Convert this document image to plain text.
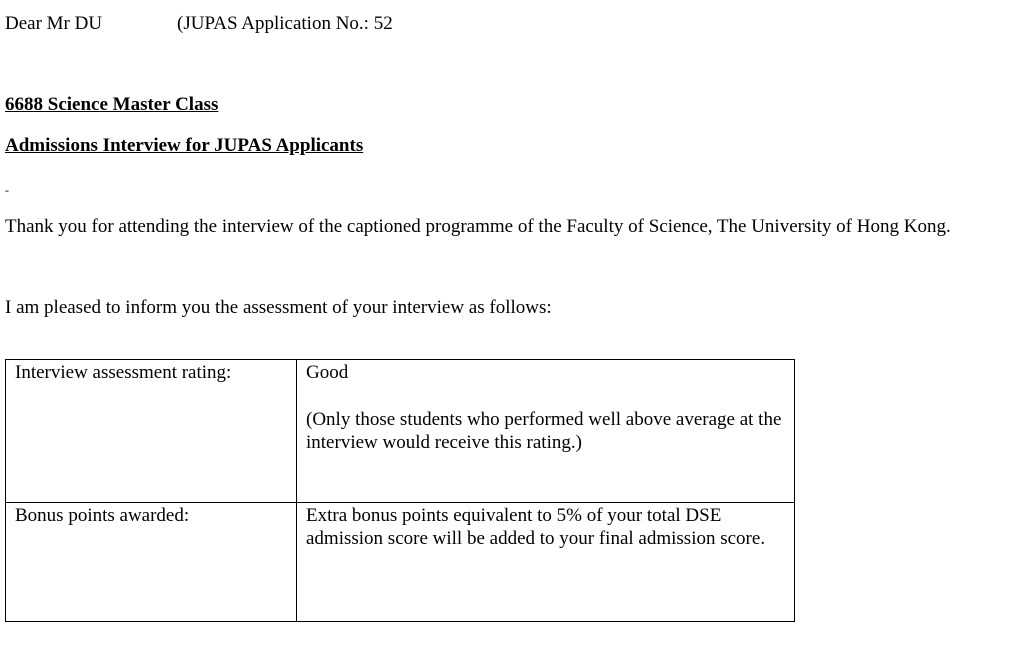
Dear Mr DU	(JUPAS Application No.: 52
6688 Science Master Class
Admissions Interview for JUPAS Applicants
-
Thank you for attending the interview of the captioned programme of the Faculty of Science, The University of Hong Kong.
I am pleased to inform you the assessment of your interview as follows:
Interview assessment rating:	Good
(Only those students who performed well above average at the interview would receive this rating.)

Bonus points awarded:	Extra bonus points equivalent to 5% of your total DSE admission score will be added to your final admission score.
